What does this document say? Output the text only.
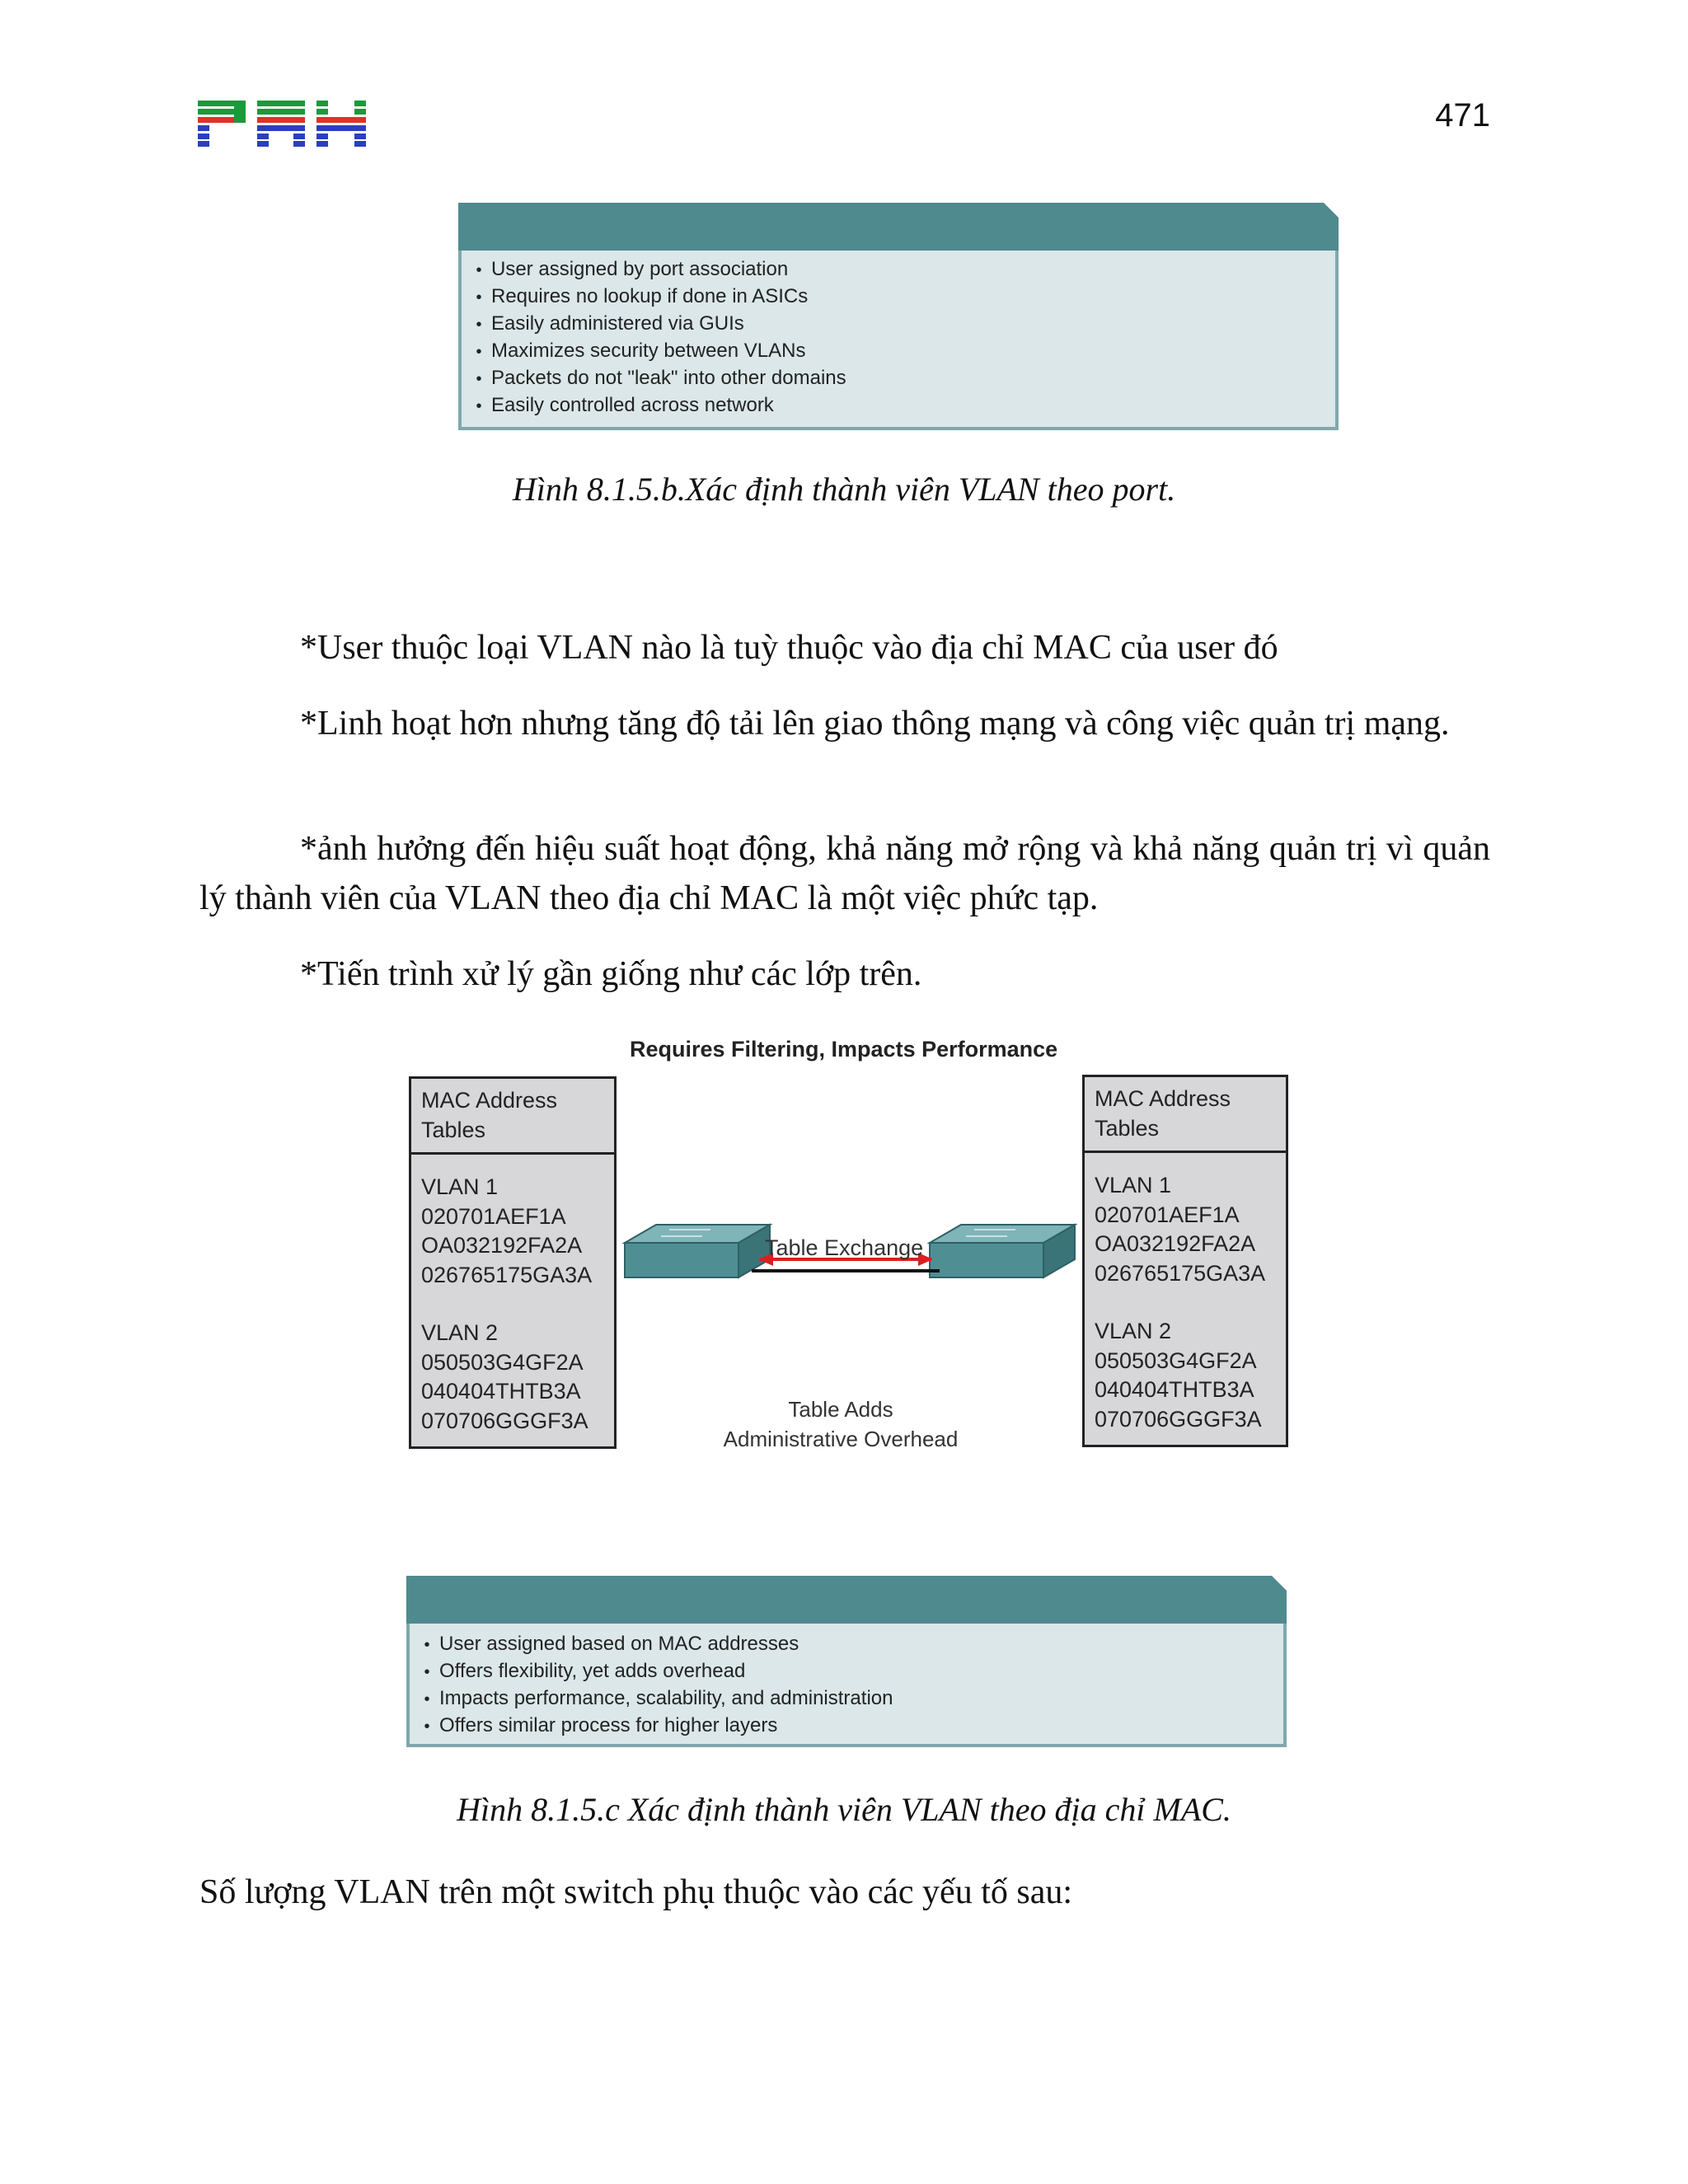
471
• User assigned by port association
• Requires no lookup if done in ASICs
• Easily administered via GUIs
• Maximizes security between VLANs
• Packets do not "leak" into other domains
• Easily controlled across network
Hình 8.1.5.b.Xác định thành viên VLAN theo port.
*User thuộc loại VLAN nào là tuỳ thuộc vào địa chỉ MAC của user đó
*Linh hoạt hơn nhưng tăng độ tải lên giao thông mạng và công việc quản trị mạng.
*ảnh hưởng đến hiệu suất hoạt động, khả năng mở rộng và khả năng quản trị vì quản lý thành viên của VLAN theo địa chỉ MAC là một việc phức tạp.
*Tiến trình xử lý gần giống như các lớp trên.
Requires Filtering, Impacts Performance
MAC Address
Tables
VLAN 1
020701AEF1A
OA032192FA2A
026765175GA3A
VLAN 2
050503G4GF2A
040404THTB3A
070706GGGF3A
MAC Address
Tables
VLAN 1
020701AEF1A
OA032192FA2A
026765175GA3A
VLAN 2
050503G4GF2A
040404THTB3A
070706GGGF3A
Table Exchange
Table Adds
Administrative Overhead
• User assigned based on MAC addresses
• Offers flexibility, yet adds overhead
• Impacts performance, scalability, and administration
• Offers similar process for higher layers
Hình 8.1.5.c Xác định thành viên VLAN theo địa chỉ MAC.
Số lượng VLAN trên một switch phụ thuộc vào các yếu tố sau:
